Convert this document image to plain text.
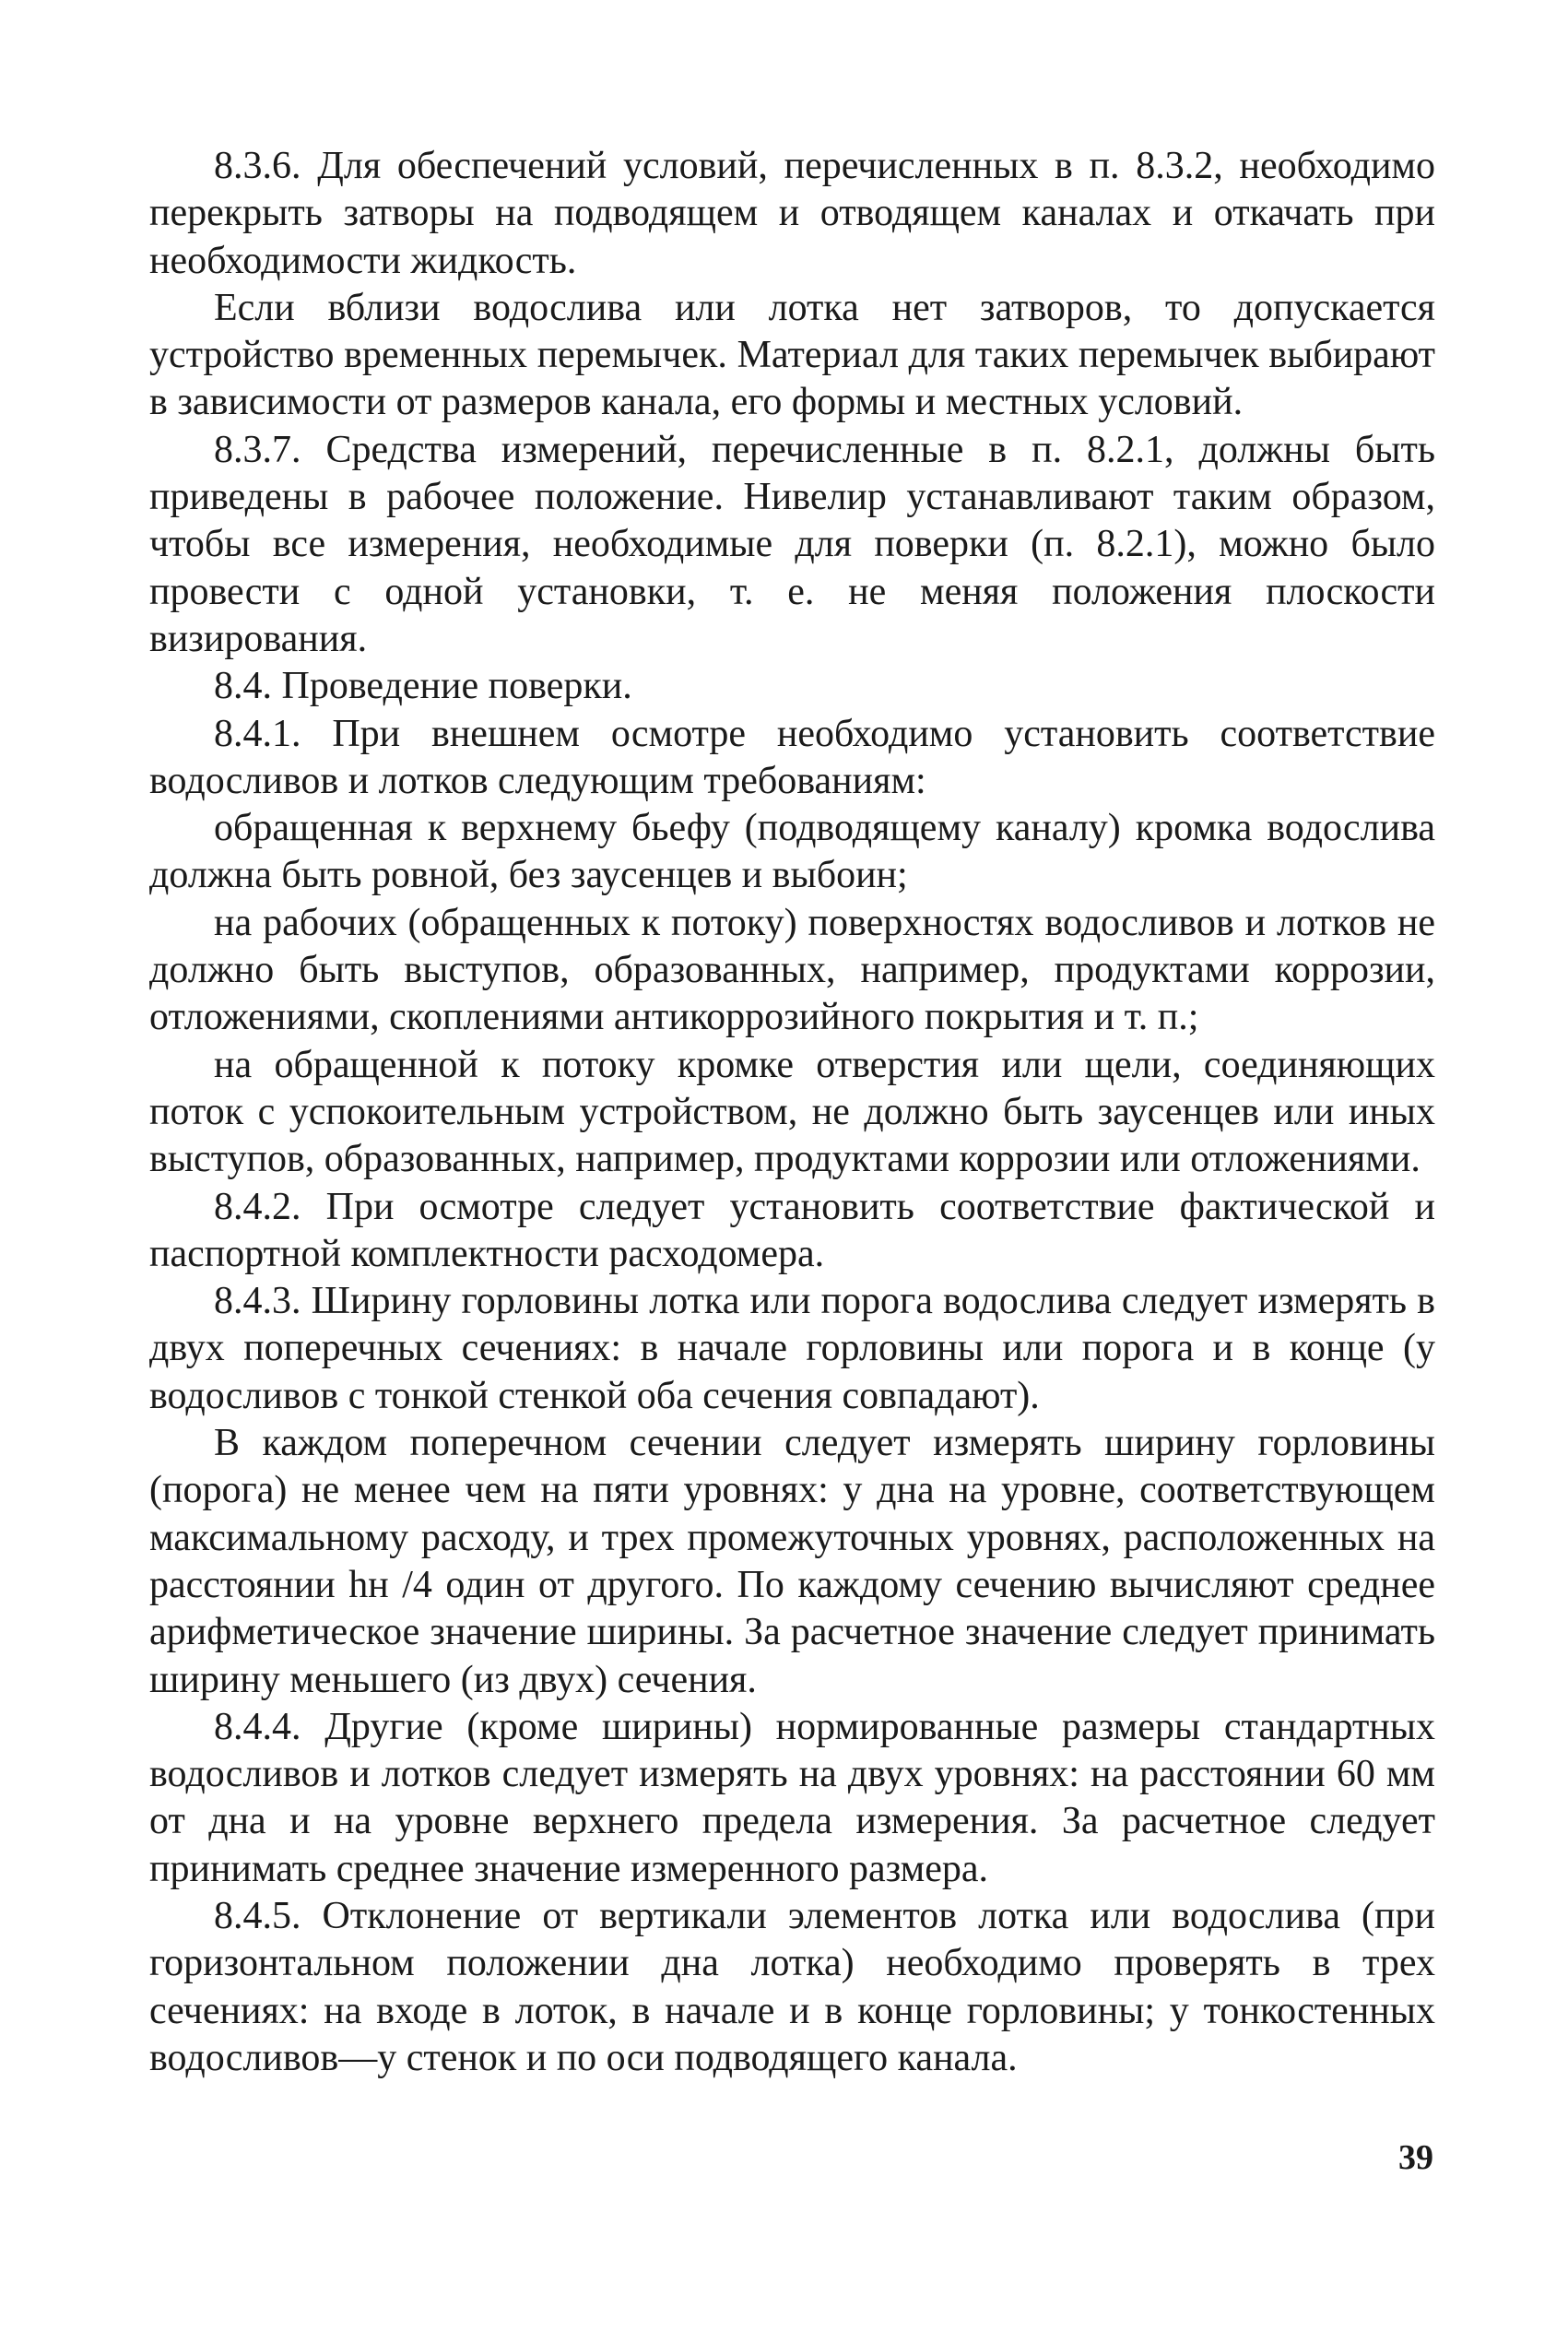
8.3.6. Для обеспечений условий, перечисленных в п. 8.3.2, необходимо перекрыть затворы на подводящем и отводящем каналах и откачать при необходимости жидкость.

Если вблизи водослива или лотка нет затворов, то допускается устройство временных перемычек. Материал для таких перемычек выбирают в зависимости от размеров канала, его формы и местных условий.

8.3.7. Средства измерений, перечисленные в п. 8.2.1, должны быть приведены в рабочее положение. Нивелир устанавливают таким образом, чтобы все измерения, необходимые для поверки (п. 8.2.1), можно было провести с одной установки, т. е. не меняя положения плоскости визирования.

8.4. Проведение поверки.

8.4.1. При внешнем осмотре необходимо установить соответствие водосливов и лотков следующим требованиям:

обращенная к верхнему бьефу (подводящему каналу) кромка водослива должна быть ровной, без заусенцев и выбоин;

на рабочих (обращенных к потоку) поверхностях водосливов и лотков не должно быть выступов, образованных, например, продуктами коррозии, отложениями, скоплениями антикоррозийного покрытия и т. п.;

на обращенной к потоку кромке отверстия или щели, соединяющих поток с успокоительным устройством, не должно быть заусенцев или иных выступов, образованных, например, продуктами коррозии или отложениями.

8.4.2. При осмотре следует установить соответствие фактической и паспортной комплектности расходомера.

8.4.3. Ширину горловины лотка или порога водослива следует измерять в двух поперечных сечениях: в начале горловины или порога и в конце (у водосливов с тонкой стенкой оба сечения совпадают).

В каждом поперечном сечении следует измерять ширину горловины (порога) не менее чем на пяти уровнях: у дна на уровне, соответствующем максимальному расходу, и трех промежуточных уровнях, расположенных на расстоянии hн /4 один от другого. По каждому сечению вычисляют среднее арифметическое значение ширины. За расчетное значение следует принимать ширину меньшего (из двух) сечения.

8.4.4. Другие (кроме ширины) нормированные размеры стандартных водосливов и лотков следует измерять на двух уровнях: на расстоянии 60 мм от дна и на уровне верхнего предела измерения. За расчетное следует принимать среднее значение измеренного размера.

8.4.5. Отклонение от вертикали элементов лотка или водослива (при горизонтальном положении дна лотка) необходимо проверять в трех сечениях: на входе в лоток, в начале и в конце горловины; у тонкостенных водосливов—у стенок и по оси подводящего канала.

39
